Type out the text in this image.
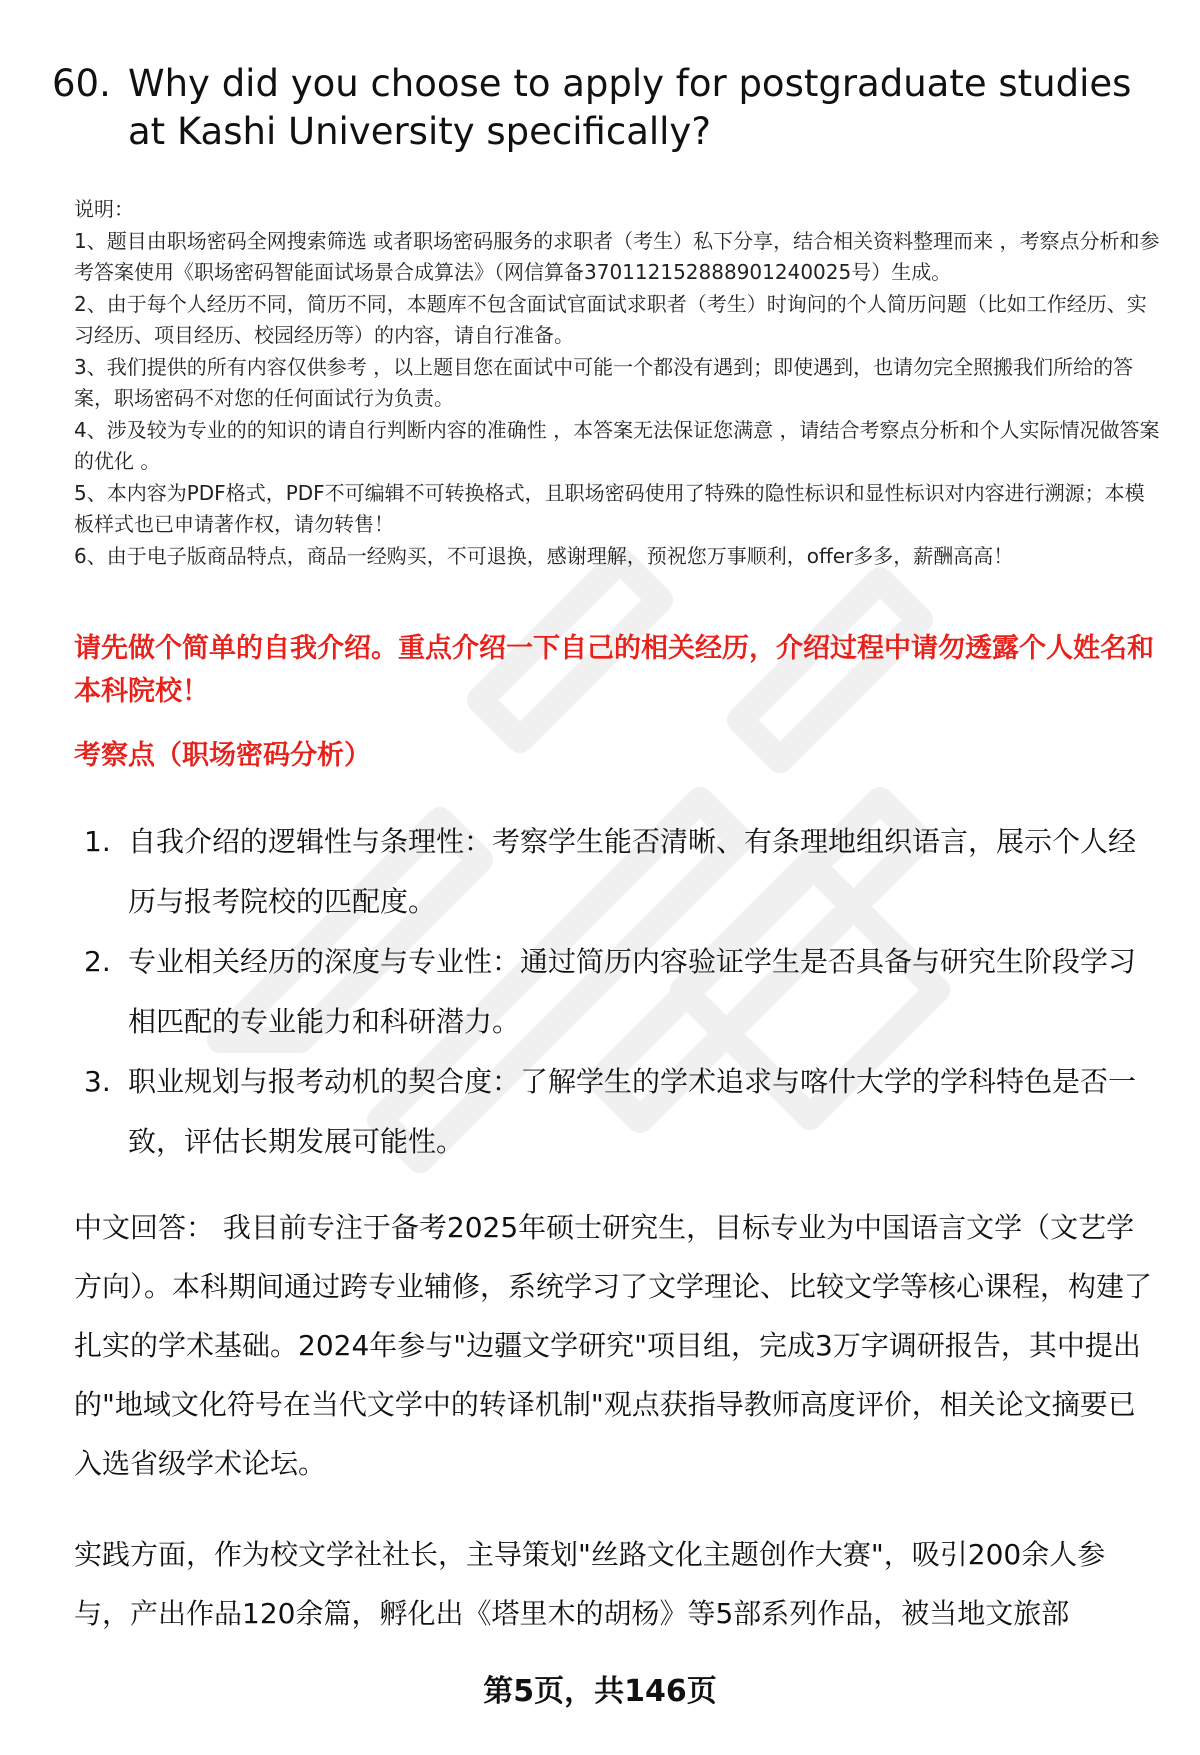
60. Why did you choose to apply for postgraduate studies at Kashi University specifically?

说明：

1、题目由职场密码全网搜索筛选 或者职场密码服务的求职者（考生）私下分享，结合相关资料整理而来 ，考察点分析和参考答案使用《职场密码智能面试场景合成算法》（网信算备370112152888901240025号）生成。

2、由于每个人经历不同，简历不同，本题库不包含面试官面试求职者（考生）时询问的个人简历问题（比如工作经历、实习经历、项目经历、校园经历等）的内容，请自行准备。

3、我们提供的所有内容仅供参考 ，以上题目您在面试中可能一个都没有遇到；即使遇到，也请勿完全照搬我们所给的答案，职场密码不对您的任何面试行为负责。

4、涉及较为专业的的知识的请自行判断内容的准确性 ，本答案无法保证您满意 ，请结合考察点分析和个人实际情况做答案的优化 。

5、本内容为PDF格式，PDF不可编辑不可转换格式，且职场密码使用了特殊的隐性标识和显性标识对内容进行溯源；本模板样式也已申请著作权，请勿转售！

6、由于电子版商品特点，商品一经购买，不可退换，感谢理解，预祝您万事顺利，offer多多，薪酬高高！

请先做个简单的自我介绍。重点介绍一下自己的相关经历，介绍过程中请勿透露个人姓名和本科院校！
考察点（职场密码分析）
1. 自我介绍的逻辑性与条理性：考察学生能否清晰、有条理地组织语言，展示个人经历与报考院校的匹配度。
2. 专业相关经历的深度与专业性：通过简历内容验证学生是否具备与研究生阶段学习相匹配的专业能力和科研潜力。
3. 职业规划与报考动机的契合度：了解学生的学术追求与喀什大学的学科特色是否一致，评估长期发展可能性。

中文回答： 我目前专注于备考2025年硕士研究生，目标专业为中国语言文学（文艺学方向）。本科期间通过跨专业辅修，系统学习了文学理论、比较文学等核心课程，构建了扎实的学术基础。2024年参与"边疆文学研究"项目组，完成3万字调研报告，其中提出的"地域文化符号在当代文学中的转译机制"观点获指导教师高度评价，相关论文摘要已入选省级学术论坛。

实践方面，作为校文学社社长，主导策划"丝路文化主题创作大赛"，吸引200余人参与，产出作品120余篇，孵化出《塔里木的胡杨》等5部系列作品，被当地文旅部

第5页，共146页
